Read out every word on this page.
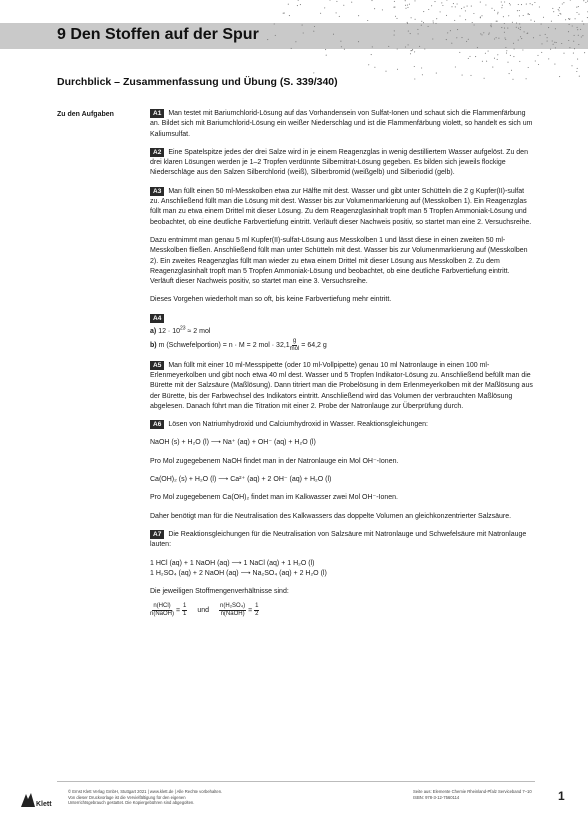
9 Den Stoffen auf der Spur
Durchblick – Zusammenfassung und Übung (S. 339/340)
Zu den Aufgaben	A1 Man testet mit Bariumchlorid-Lösung auf das Vorhandensein von Sulfat-Ionen und schaut sich die Flammenfärbung an. Bildet sich mit Bariumchlorid-Lösung ein weißer Niederschlag und ist die Flammenfärbung violett, so handelt es sich um Kaliumsulfat.

A2 Eine Spatelspitze jedes der drei Salze wird in je einem Reagenzglas in wenig destilliertem Wasser aufgelöst. Zu den drei klaren Lösungen werden je 1–2 Tropfen verdünnte Silbernitrat-Lösung gegeben. Es bilden sich jeweils flockige Niederschläge aus den Salzen Silberchlorid (weiß), Silberbromid (weißgelb) und Silberiodid (gelb).

A3 Man füllt einen 50 ml-Messkolben etwa zur Hälfte mit dest. Wasser und gibt unter Schütteln die 2 g Kupfer(II)-sulfat zu. Anschließend füllt man die Lösung mit dest. Wasser bis zur Volumenmarkierung auf (Messkolben 1). Ein Reagenzglas füllt man zu etwa einem Drittel mit dieser Lösung. Zu dem Reagenzglasinhalt tropft man 5 Tropfen Ammoniak-Lösung und beobachtet, ob eine deutliche Farbvertiefung eintritt. Verläuft dieser Nachweis positiv, so startet man eine 2. Versuchsreihe.

Dazu entnimmt man genau 5 ml Kupfer(II)-sulfat-Lösung aus Messkolben 1 und lässt diese in einen zweiten 50 ml-Messkolben fließen. Anschließend füllt man unter Schütteln mit dest. Wasser bis zur Volumenmarkierung auf (Messkolben 2). Ein zweites Reagenzglas füllt man wieder zu etwa einem Drittel mit dieser Lösung aus Messkolben 2. Zu dem Reagenzglasinhalt tropft man 5 Tropfen Ammoniak-Lösung und beobachtet, ob eine deutliche Farbvertiefung eintritt. Verläuft dieser Nachweis positiv, so startet man eine 3. Versuchsreihe.

Dieses Vorgehen wiederholt man so oft, bis keine Farbvertiefung mehr eintritt.

A4
a) $12 \cdot 10^{23} \approx 2$ mol
b) m (Schwefelportion) = n · M = 2 mol · $32,1 \frac{g}{\text{mol}} = 64,2$ g

A5 Man füllt mit einer 10 ml-Messpipette (oder 10 ml-Vollpipette) genau 10 ml Natronlauge in einen 100 ml-Erlenmeyerkolben und gibt noch etwa 40 ml dest. Wasser und 5 Tropfen Indikator-Lösung zu. Anschließend befüllt man die Bürette mit der Salzsäure (Maßlösung). Dann titriert man die Probelösung in dem Erlenmeyerkolben mit der Maßlösung aus der Bürette, bis der Farbwechsel des Indikators eintritt. Anschließend wird das Volumen der verbrauchten Maßlösung abgelesen. Danach führt man die Titration mit einer 2. Probe der Natronlauge zur Überprüfung durch.

A6 Lösen von Natriumhydroxid und Calciumhydroxid in Wasser. Reaktionsgleichungen:

NaOH (s) + H₂O (l) ⟶ Na⁺ (aq) + OH⁻ (aq) + H₂O (l)

Pro Mol zugegebenem NaOH findet man in der Natronlauge ein Mol OH⁻-Ionen.

Ca(OH)₂ (s) + H₂O (l) ⟶ Ca²⁺ (aq) + 2 OH⁻ (aq) + H₂O (l)

Pro Mol zugegebenem Ca(OH)₂ findet man im Kalkwasser zwei Mol OH⁻-Ionen.

Daher benötigt man für die Neutralisation des Kalkwassers das doppelte Volumen an gleichkonzentrierter Salzsäure.

A7 Die Reaktionsgleichungen für die Neutralisation von Salzsäure mit Natronlauge und Schwefelsäure mit Natronlauge lauten:

1 HCl (aq) + 1 NaOH (aq) ⟶ 1 NaCl (aq) + 1 H₂O (l)
1 H₂SO₄ (aq) + 2 NaOH (aq) ⟶ Na₂SO₄ (aq) + 2 H₂O (l)

Die jeweiligen Stoffmengenverhältnisse sind:

$\frac{\text{n(HCl)}}{\text{n(NaOH)}} = \frac{1}{1}$ und $\frac{\text{n(H₂SO₄)}}{\text{n(NaOH)}} = \frac{1}{2}$
Klett
© Ernst Klett Verlag GmbH, Stuttgart 2021 | www.klett.de | Alle Rechte vorbehalten.
Von dieser Druckvorlage ist die Vervielfältigung für den eigenen
Unterrichtsgebrauch gestattet. Die Kopiergebühren sind abgegolten.
Seite aus: Elemente Chemie Rheinland-Pfalz Serviceband 7–10
ISBN: 978-3-12-7560114	1
